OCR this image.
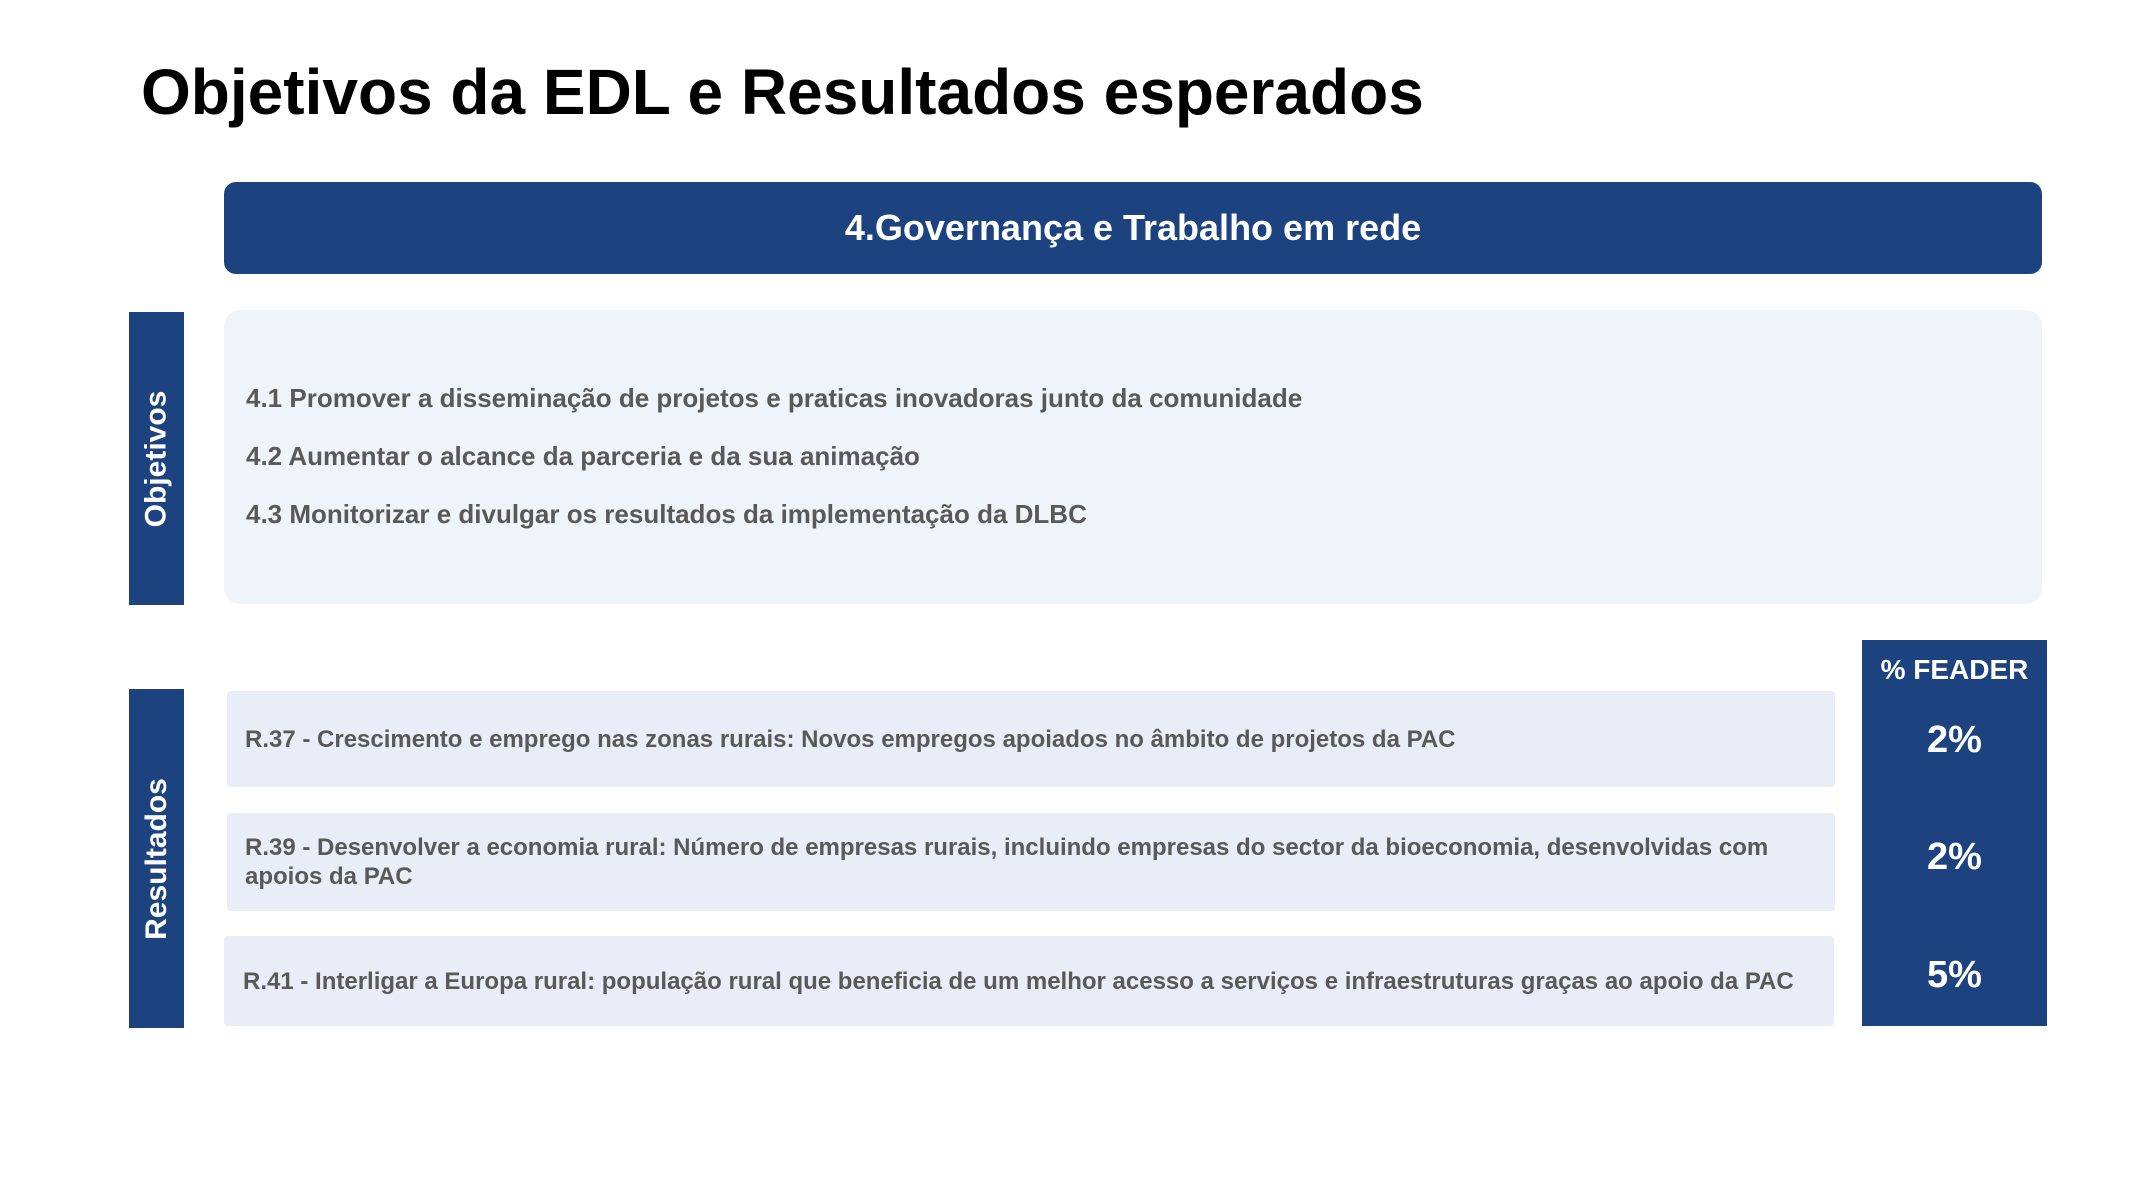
Objetivos da EDL e Resultados esperados
4.Governança e Trabalho em rede
Objetivos	4.1 Promover a disseminação de projetos e praticas inovadoras junto da comunidade
4.2 Aumentar o alcance da parceria e da sua animação
4.3 Monitorizar e divulgar os resultados da implementação da DLBC
Resultados
R.37 - Crescimento e emprego nas zonas rurais: Novos empregos apoiados no âmbito de projetos da PAC
R.39 - Desenvolver a economia rural: Número de empresas rurais, incluindo empresas do sector da bioeconomia, desenvolvidas com apoios da PAC
R.41 - Interligar a Europa rural: população rural que beneficia de um melhor acesso a serviços e infraestruturas graças ao apoio da PAC
% FEADER
2%
2%
5%
